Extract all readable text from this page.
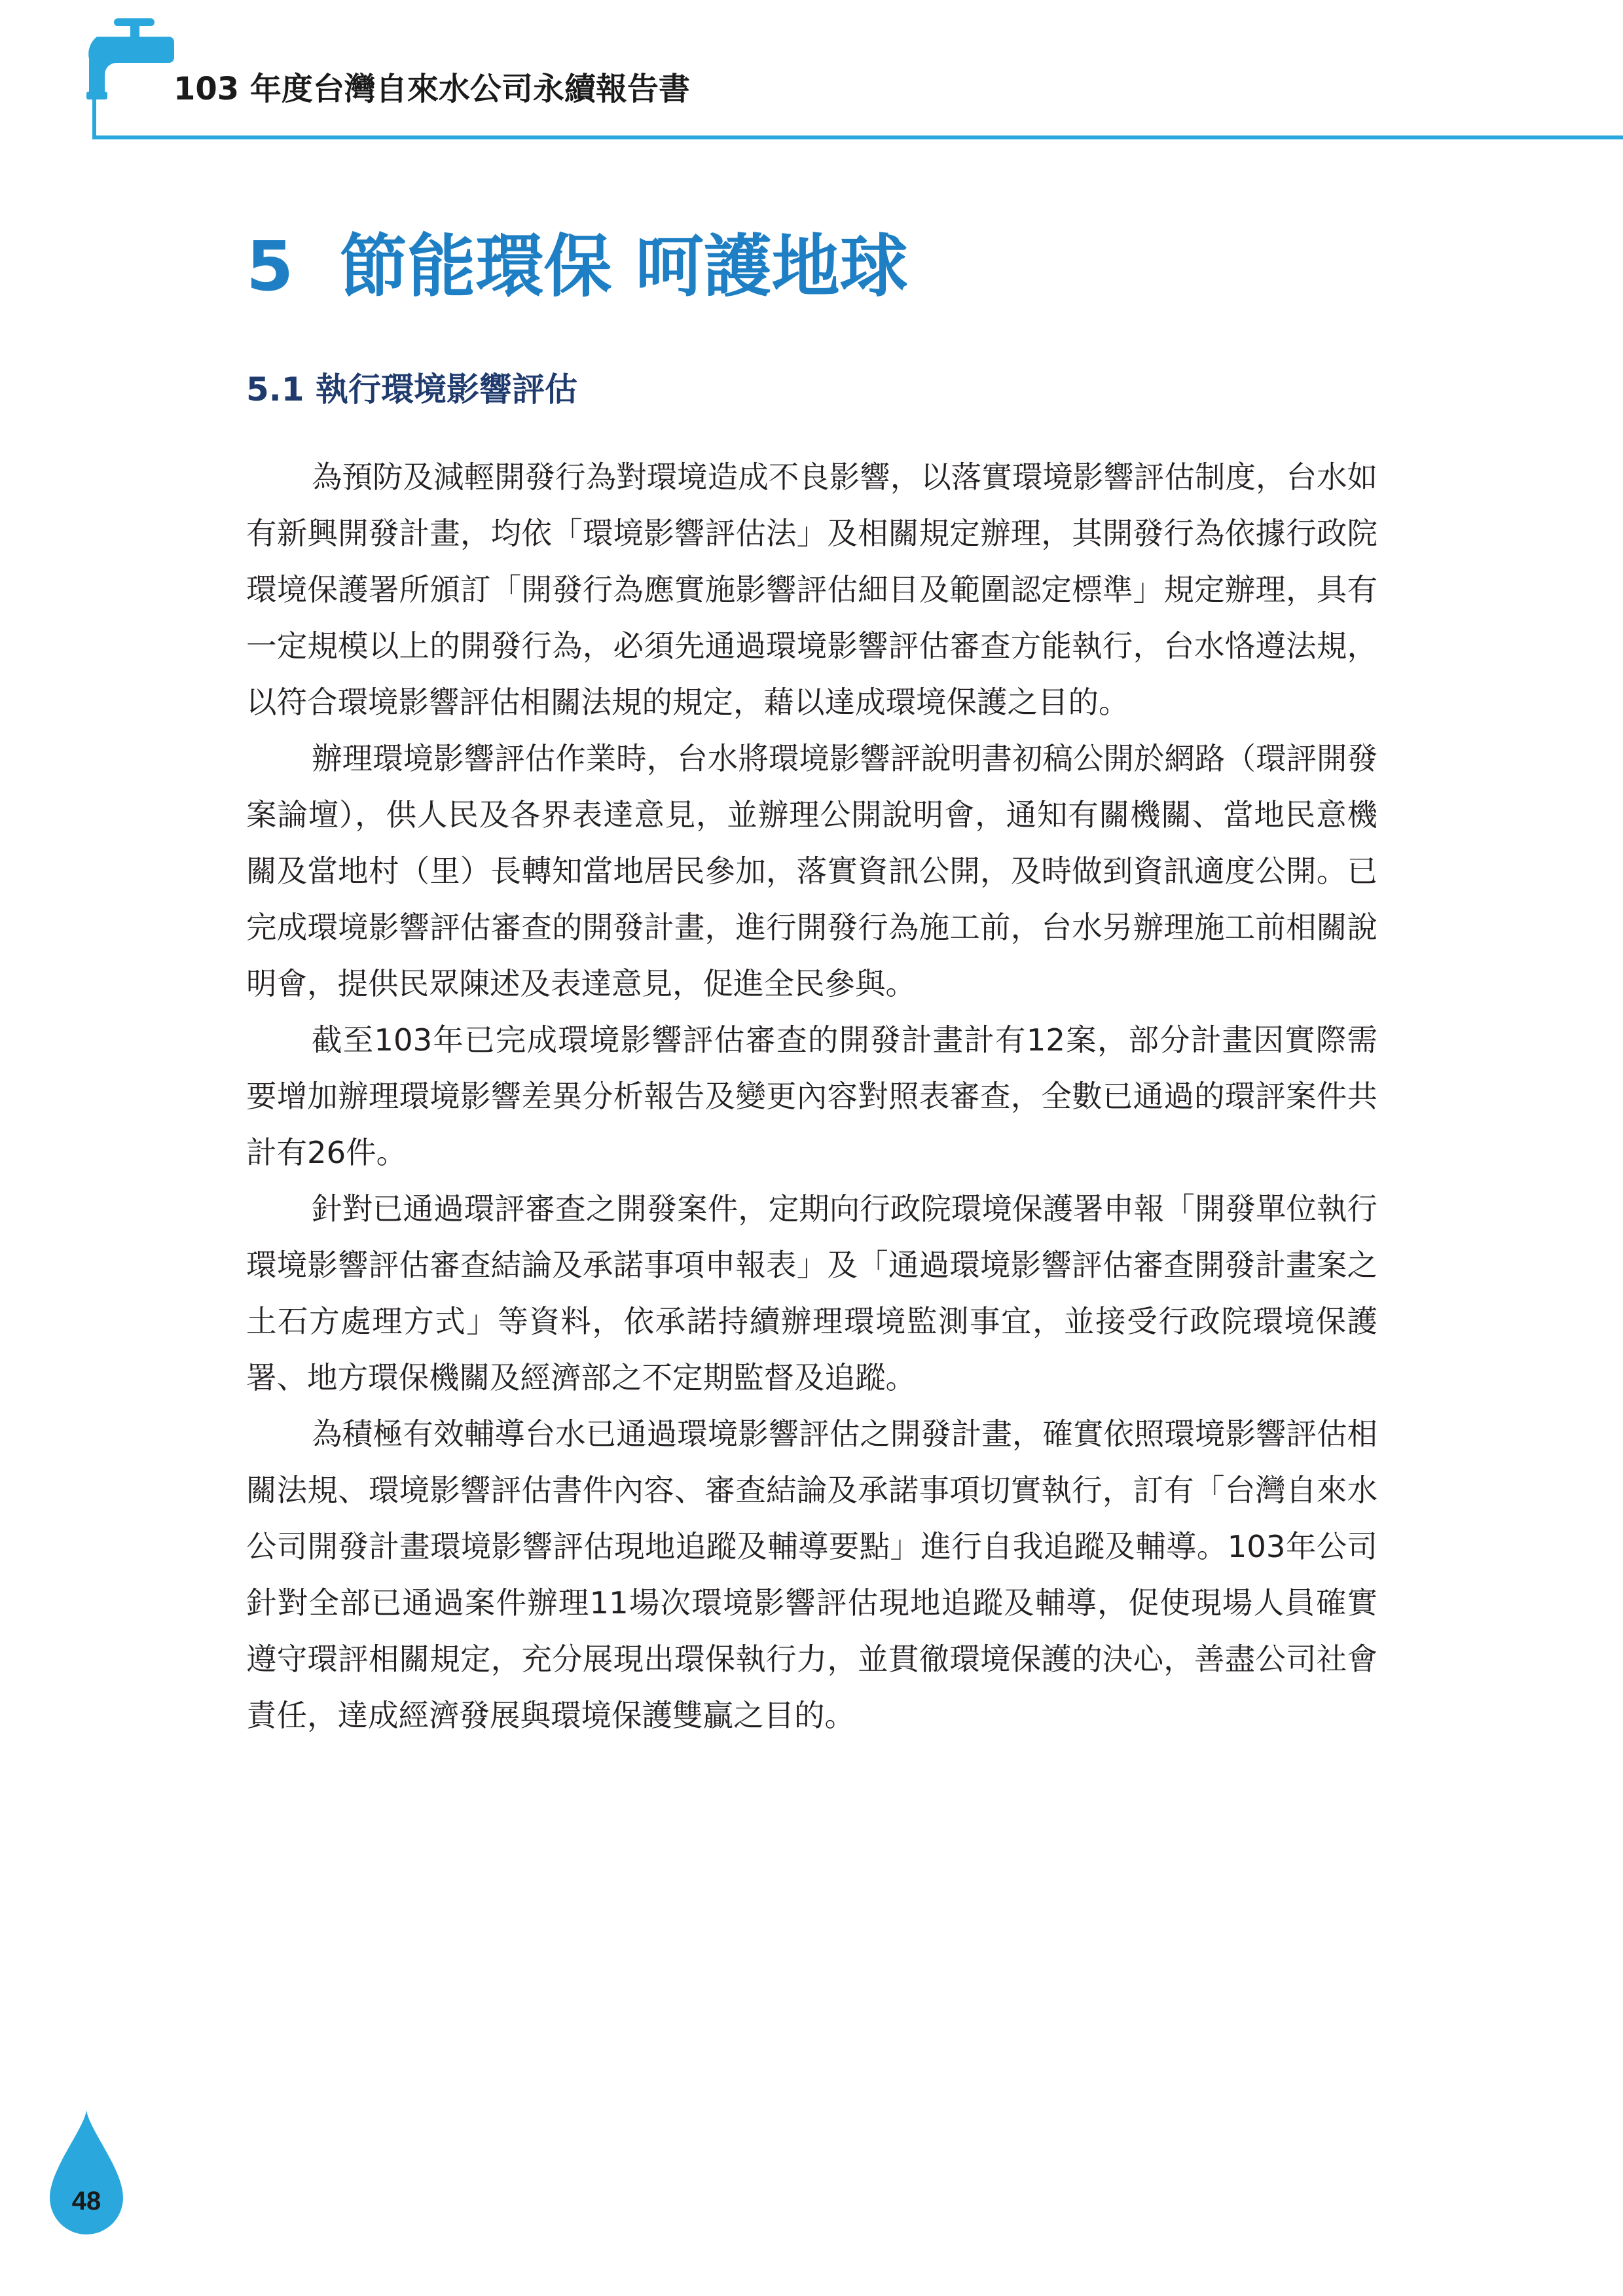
103 年度台灣自來水公司永續報告書
5 節能環保 呵護地球
5.1 執行環境影響評估

為預防及減輕開發行為對環境造成不良影響，以落實環境影響評估制度，台水如有新興開發計畫，均依「環境影響評估法」及相關規定辦理，其開發行為依據行政院環境保護署所頒訂「開發行為應實施影響評估細目及範圍認定標準」規定辦理，具有一定規模以上的開發行為，必須先通過環境影響評估審查方能執行，台水恪遵法規，以符合環境影響評估相關法規的規定，藉以達成環境保護之目的。

辦理環境影響評估作業時，台水將環境影響評說明書初稿公開於網路（環評開發案論壇），供人民及各界表達意見，並辦理公開說明會，通知有關機關、當地民意機關及當地村（里）長轉知當地居民參加，落實資訊公開，及時做到資訊適度公開。已完成環境影響評估審查的開發計畫，進行開發行為施工前，台水另辦理施工前相關說明會，提供民眾陳述及表達意見，促進全民參與。

截至103年已完成環境影響評估審查的開發計畫計有12案，部分計畫因實際需要增加辦理環境影響差異分析報告及變更內容對照表審查，全數已通過的環評案件共計有26件。

針對已通過環評審查之開發案件，定期向行政院環境保護署申報「開發單位執行環境影響評估審查結論及承諾事項申報表」及「通過環境影響評估審查開發計畫案之土石方處理方式」等資料，依承諾持續辦理環境監測事宜，並接受行政院環境保護署、地方環保機關及經濟部之不定期監督及追蹤。

為積極有效輔導台水已通過環境影響評估之開發計畫，確實依照環境影響評估相關法規、環境影響評估書件內容、審查結論及承諾事項切實執行，訂有「台灣自來水公司開發計畫環境影響評估現地追蹤及輔導要點」進行自我追蹤及輔導。103年公司針對全部已通過案件辦理11場次環境影響評估現地追蹤及輔導，促使現場人員確實遵守環評相關規定，充分展現出環保執行力，並貫徹環境保護的決心，善盡公司社會責任，達成經濟發展與環境保護雙贏之目的。

48
